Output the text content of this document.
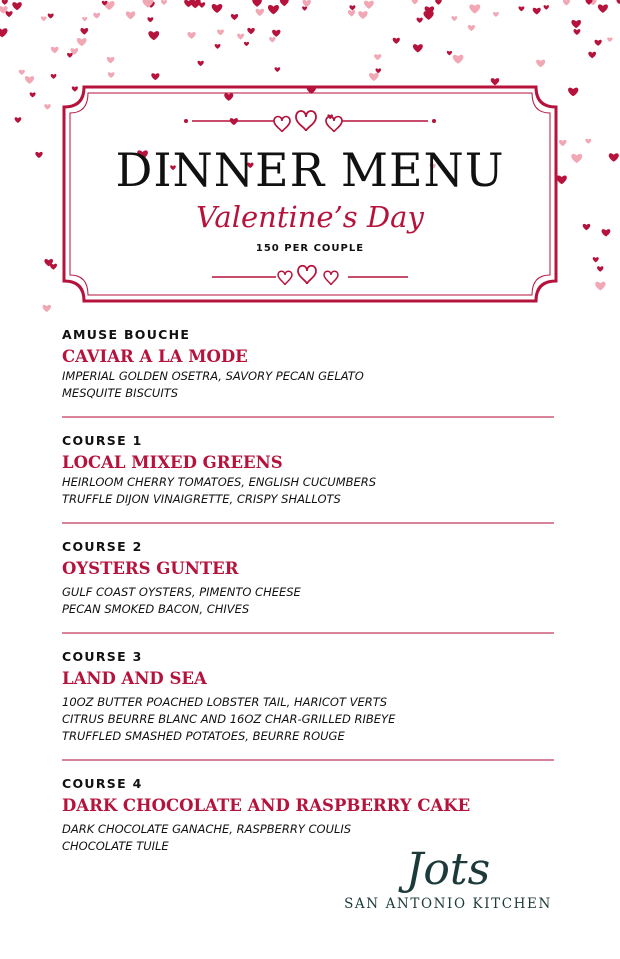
DINNER MENU
Valentine’s Day
150 PER COUPLE
AMUSE BOUCHE
CAVIAR A LA MODE
IMPERIAL GOLDEN OSETRA, SAVORY PECAN GELATO
MESQUITE BISCUITS
COURSE 1
LOCAL MIXED GREENS
HEIRLOOM CHERRY TOMATOES, ENGLISH CUCUMBERS
TRUFFLE DIJON VINAIGRETTE, CRISPY SHALLOTS
COURSE 2
OYSTERS GUNTER
GULF COAST OYSTERS, PIMENTO CHEESE
PECAN SMOKED BACON, CHIVES
COURSE 3
LAND AND SEA
10OZ BUTTER POACHED LOBSTER TAIL, HARICOT VERTS
CITRUS BEURRE BLANC AND 16OZ CHAR-GRILLED RIBEYE
TRUFFLED SMASHED POTATOES, BEURRE ROUGE
COURSE 4
DARK CHOCOLATE AND RASPBERRY CAKE
DARK CHOCOLATE GANACHE, RASPBERRY COULIS
CHOCOLATE TUILE	Jots
SAN ANTONIO KITCHEN
